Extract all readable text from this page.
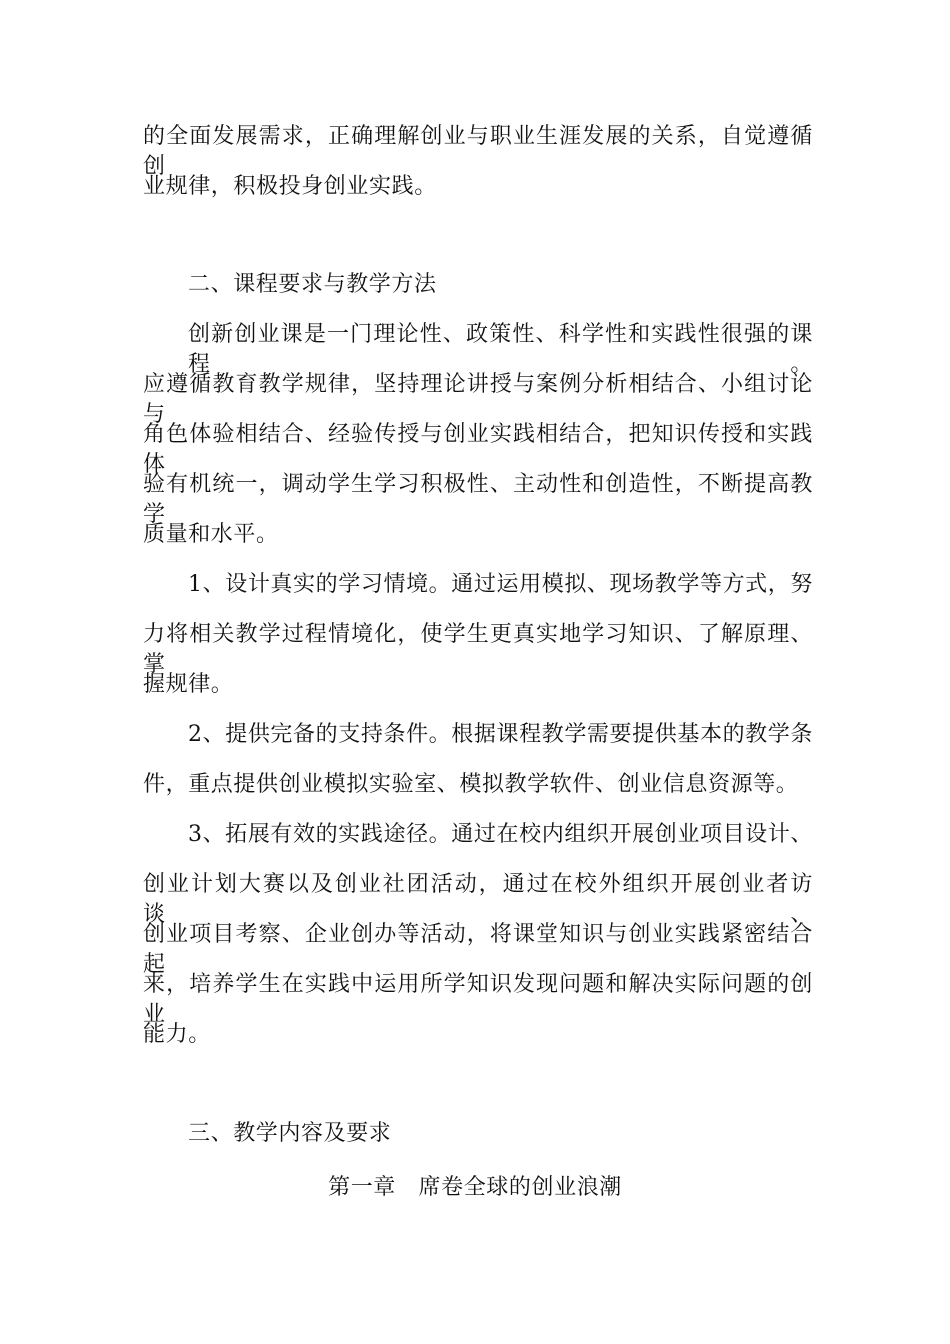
的全面发展需求，正确理解创业与职业生涯发展的关系，自觉遵循创
业规律，积极投身创业实践。
二、课程要求与教学方法
创新创业课是一门理论性、政策性、科学性和实践性很强的课程。
应遵循教育教学规律，坚持理论讲授与案例分析相结合、小组讨论与
角色体验相结合、经验传授与创业实践相结合，把知识传授和实践体
验有机统一，调动学生学习积极性、主动性和创造性，不断提高教学
质量和水平。
1、设计真实的学习情境。通过运用模拟、现场教学等方式，努
力将相关教学过程情境化，使学生更真实地学习知识、了解原理、掌
握规律。
2、提供完备的支持条件。根据课程教学需要提供基本的教学条
件，重点提供创业模拟实验室、模拟教学软件、创业信息资源等。
3、拓展有效的实践途径。通过在校内组织开展创业项目设计、
创业计划大赛以及创业社团活动，通过在校外组织开展创业者访谈、
创业项目考察、企业创办等活动，将课堂知识与创业实践紧密结合起
来，培养学生在实践中运用所学知识发现问题和解决实际问题的创业
能力。
三、教学内容及要求
第一章　席卷全球的创业浪潮
